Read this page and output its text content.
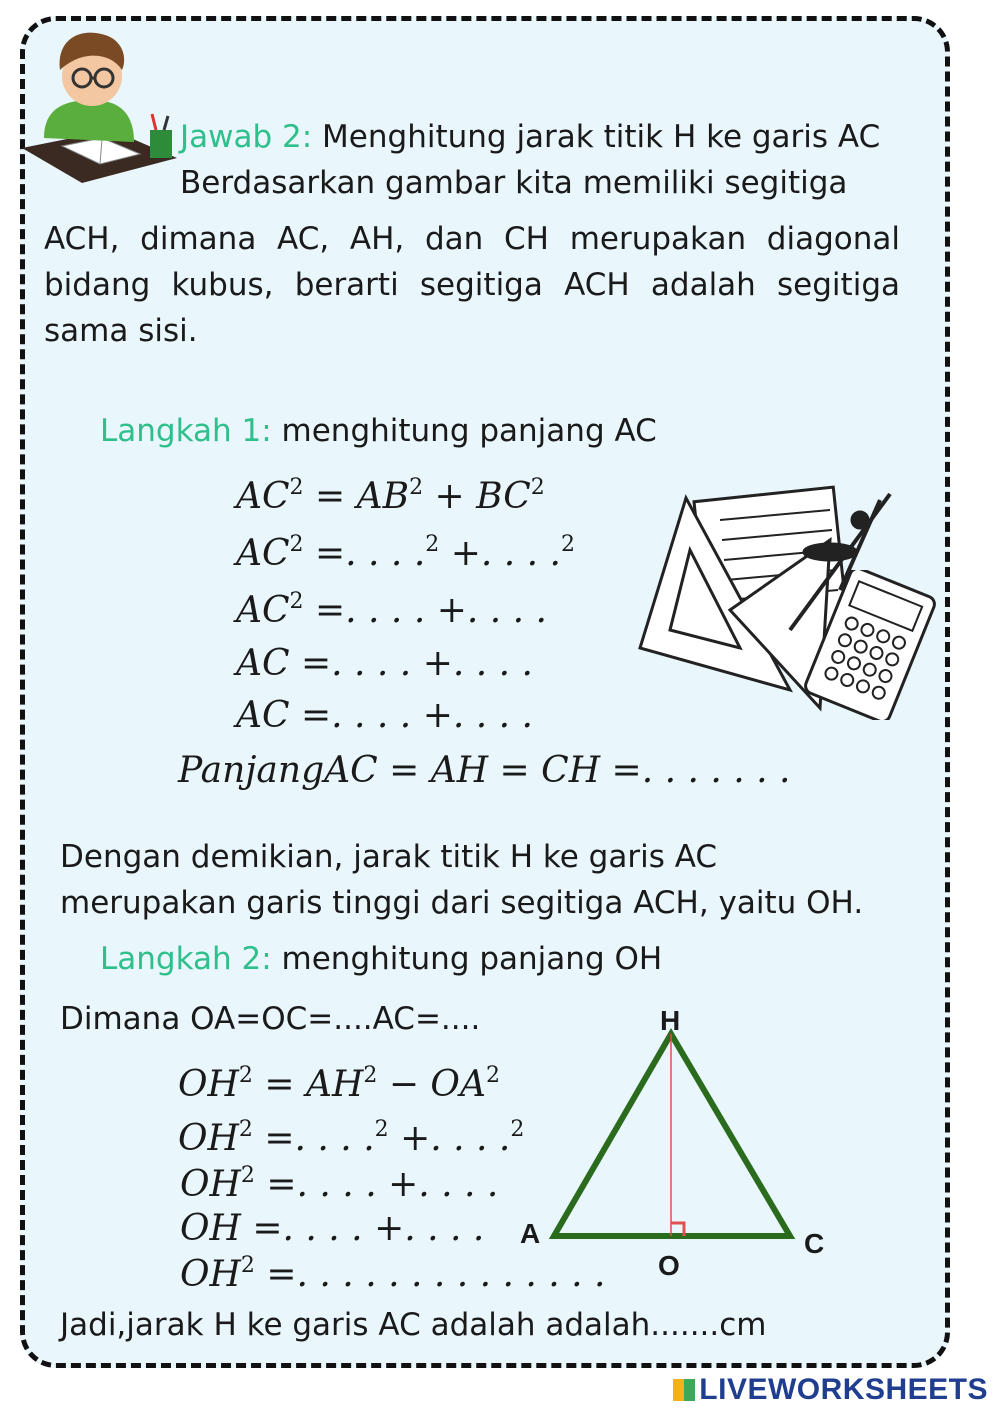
Jawab 2: Menghitung jarak titik H ke garis AC
Berdasarkan gambar kita memiliki segitiga
ACH, dimana AC, AH, dan CH merupakan diagonal bidang kubus, berarti segitiga ACH adalah segitiga sama sisi.
Langkah 1: menghitung panjang AC
$AC^2 = AB^2 + BC^2$
$AC^2$ =. . . .$^2$ +. . . .$^2$
$AC^2$ =. . . . +. . . .
AC =. . . . +. . . .
AC =. . . . +. . . .
PanjangAC = AH = CH =. . . . . . .
Dengan demikian, jarak titik H ke garis AC
merupakan garis tinggi dari segitiga ACH, yaitu OH.
Langkah 2: menghitung panjang OH
Dimana OA=OC=....AC=....
$OH^2 = AH^2 - OA^2$
$OH^2$ =. . . .$^2$ +. . . .$^2$
$OH^2$ =. . . . +. . . .
OH =. . . . +. . . .
$OH^2$ =. . . . . . . . . . . . . .
H
A	C
O
Jadi,jarak H ke garis AC adalah adalah.......cm
LIVEWORKSHEETS
